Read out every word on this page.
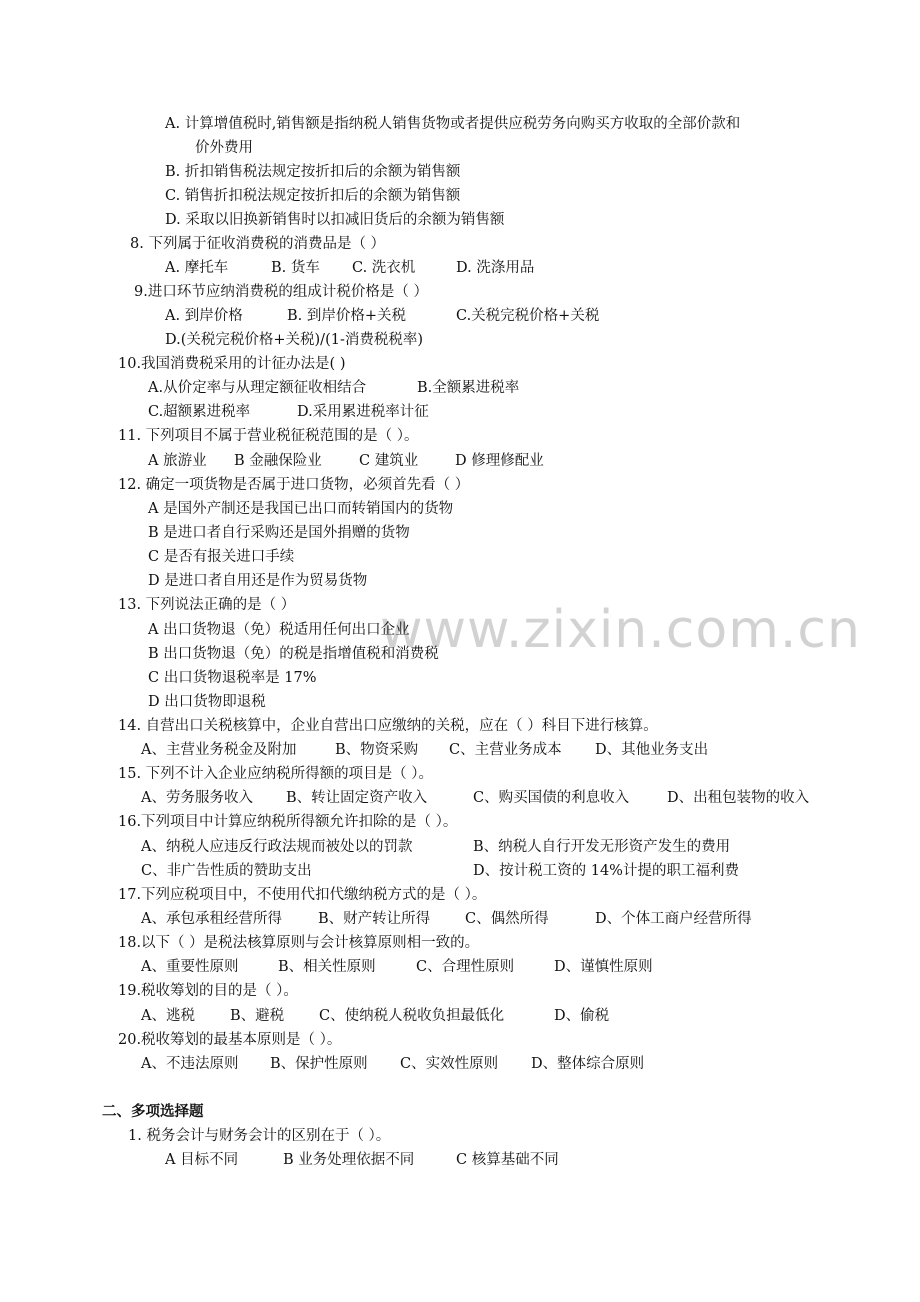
www.zixin.com.cn
A. 计算增值税时,销售额是指纳税人销售货物或者提供应税劳务向购买方收取的全部价款和
价外费用
B. 折扣销售税法规定按折扣后的余额为销售额
C. 销售折扣税法规定按折扣后的余额为销售额
D. 采取以旧换新销售时以扣减旧货后的余额为销售额
8. 下列属于征收消费税的消费品是（ ）
A. 摩托车	B. 货车 C. 洗衣机	D. 洗涤用品
9.进口环节应纳消费税的组成计税价格是（ ）
A. 到岸价格	B. 到岸价格+关税	C.关税完税价格+关税
D.(关税完税价格+关税)/(1-消费税税率)
10.我国消费税采用的计征办法是( )
A.从价定率与从理定额征收相结合	B.全额累进税率
C.超额累进税率	D.采用累进税率计征
11. 下列项目不属于营业税征税范围的是（ ）。
A 旅游业 B 金融保险业	C 建筑业	D 修理修配业
12. 确定一项货物是否属于进口货物，必须首先看（ ）
A 是国外产制还是我国已出口而转销国内的货物
B 是进口者自行采购还是国外捐赠的货物
C 是否有报关进口手续
D 是进口者自用还是作为贸易货物
13. 下列说法正确的是（ ）
A 出口货物退（免）税适用任何出口企业
B 出口货物退（免）的税是指增值税和消费税
C 出口货物退税率是 17%
D 出口货物即退税
14. 自营出口关税核算中，企业自营出口应缴纳的关税，应在（ ）科目下进行核算。
A、主营业务税金及附加	B、物资采购 C、主营业务成本 D、其他业务支出
15. 下列不计入企业应纳税所得额的项目是（ ）。
A、劳务服务收入 B、转让固定资产收入	C、购买国债的利息收入	D、出租包装物的收入
16.下列项目中计算应纳税所得额允许扣除的是（ ）。
A、纳税人应违反行政法规而被处以的罚款	B、纳税人自行开发无形资产发生的费用
C、非广告性质的赞助支出	D、按计税工资的 14%计提的职工福利费
17.下列应税项目中，不使用代扣代缴纳税方式的是（ ）。
A、承包承租经营所得 B、财产转让所得 C、偶然所得	D、个体工商户经营所得
18.以下（ ）是税法核算原则与会计核算原则相一致的。
A、重要性原则	B、相关性原则	C、合理性原则	D、谨慎性原则
19.税收筹划的目的是（ ）。
A、逃税 B、避税 C、使纳税人税收负担最低化	D、偷税
20.税收筹划的最基本原则是（ ）。
A、不违法原则 B、保护性原则 C、实效性原则 D、整体综合原则
二、多项选择题
1. 税务会计与财务会计的区别在于（ ）。
A 目标不同	B 业务处理依据不同	C 核算基础不同
